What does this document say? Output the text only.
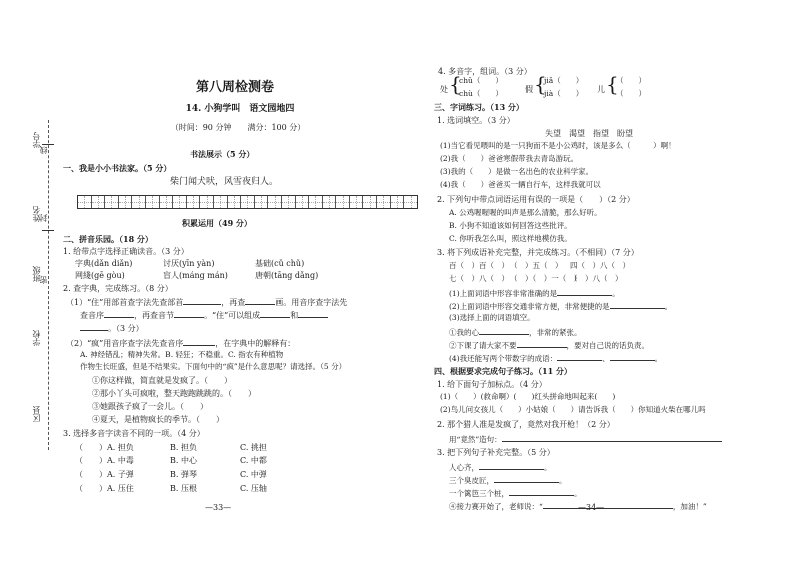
学号
线
姓名
封
班级
密
学校
区县
第八周检测卷
14. 小狗学叫　语文园地四
（时间：90 分钟　　满分：100 分）
书法展示（5 分）
一、我是小小书法家。（5 分）
柴门闻犬吠，风雪夜归人。
积累运用（49 分）
二、拼音乐园。（18 分）
1. 给带点字选择正确读音。（3 分）
字典(dǎn diǎn)	讨厌(yīn yàn)	基础(cǔ chǔ)
网綫(gē gòu)	盲人(máng mán)	唐朝(tāng dǎng)
2. 查字典，完成练习。（8 分）
（1）“住”用部首查字法先查部首	，再查	画。用音序查字法先
查音序	，再查音节	。“住”可以组成	和
。（3 分）
（2）“疯”用音序查字法先查音序	，在字典中的解释有：
A. 神经错乱；精神失常。B. 轻狂；不稳重。C. 指农有种植物
作物生长旺盛，但是不结果实。下面句中的“疯”是什么意思呢？请选择。（5 分）
①你这样做，简直就是发疯了。（　　）
②那小丫头可疯啦，整天跑跑跳跳的。（　　）
③她跟孩子疯了一会儿。（　　）
④夏天，是植物疯长的季节。（　　）
3. 选择多音字读音不同的一项。（4 分）
（　　）A. 担负	B. 担负	C. 挑担
（　　）A. 中毒	B. 中心	C. 中都
（　　）A. 子弹	B. 弹琴	C. 中弹
（　　）A. 压住	B. 压根	C. 压轴
—33—
4. 多音字，组词。（3 分）
处 {
chǔ（　　）
chù（　　）	假 {
jiǎ（　　）
jià（　　） 儿 {
（　　）
（　　）
三、字词练习。（13 分）
1. 选词填空。（3 分）
失望　渴望　指望　盼望
(1)当它看见喂叫的是一只狗而不是小公鸡时，该是多么（　　　）啊！
(2)我（　　）爸爸寒假带我去青岛游玩。
(3)我的（　　）是做一名出色的农业科学家。
(4)我（　　）爸爸买一辆自行车，这样我就可以
2. 下列句中带点词语运用有误的一项是（　　）（2 分）
A. 公鸡喔喔喔的叫声是那么清脆，那么好听。
B. 小狗不知道该如何回答这些批评。
C. 你听我怎么叫，照这样地模仿我。
3. 将下列成语补充完整，并完成练习。（不相同）（7 分）
百（　）百（　） （　）五（　） 四（　）八（　）
七（　）八（　） （　）（　）一（　）
（　）八（　）
(1)上面词语中形容非常准确的是	。
(2)上面词语中形容交通非常方便，非常便捷的是	。
(3)选择上面的词语填空。
①我的心	，非常的紧张。
②下课了请大家不要	，要对自己说的话负责。
(4)我还能写两个带数字的成语：	、	。
四、根据要求完成句子练习。（11 分）
1. 给下面句子加标点。（4 分）
(1)（　　）(救命啊）(　　)红头拼命地叫起来(　　)
(2)鸟儿问女孩儿（　　）小姑娘（　　）请告诉我（　　）你知道火柴在哪儿吗
2. 那个猎人准是发疯了，竟然对我开枪！（2 分）
用“竟然”造句：
3. 把下列句子补充完整。（5 分）
人心齐，	。
三个臭皮匠，	。
一个篱笆三个桩，	。
④接力赛开始了，老师说：“	，加油！”
—34—
